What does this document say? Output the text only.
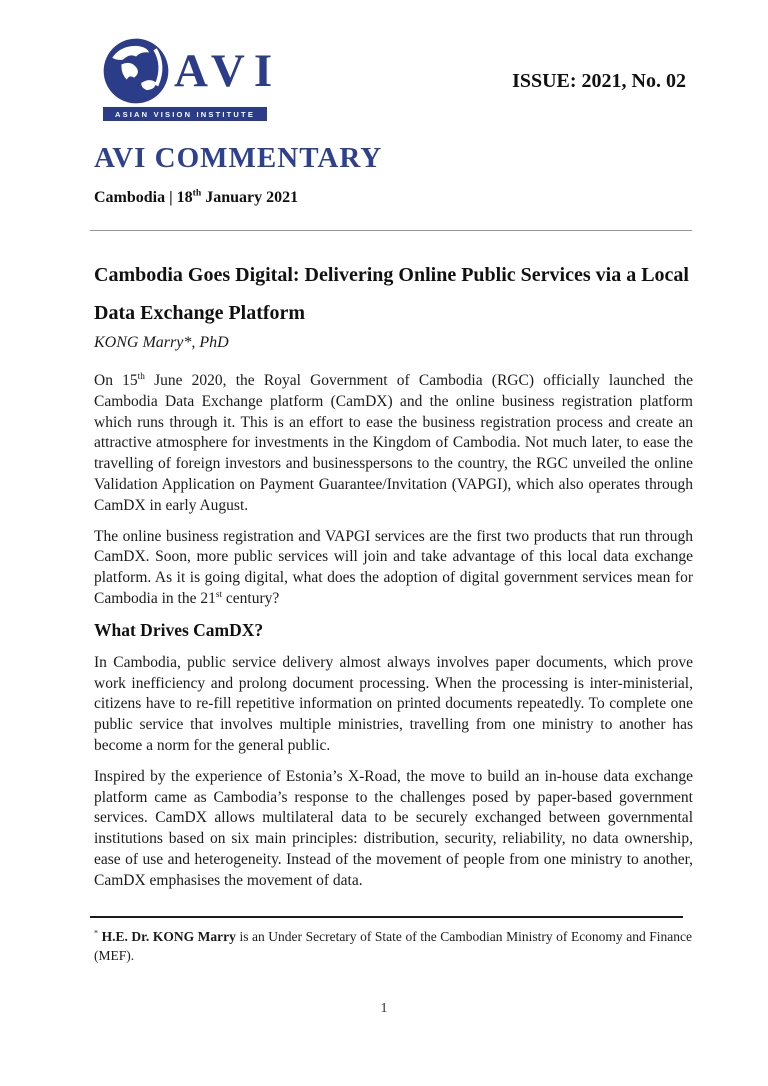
AVI
ASIAN VISION INSTITUTE
ISSUE: 2021, No. 02
AVI COMMENTARY
Cambodia | 18th January 2021
Cambodia Goes Digital: Delivering Online Public Services via a Local Data Exchange Platform
KONG Marry*, PhD

On 15th June 2020, the Royal Government of Cambodia (RGC) officially launched the Cambodia Data Exchange platform (CamDX) and the online business registration platform which runs through it. This is an effort to ease the business registration process and create an attractive atmosphere for investments in the Kingdom of Cambodia. Not much later, to ease the travelling of foreign investors and businesspersons to the country, the RGC unveiled the online Validation Application on Payment Guarantee/Invitation (VAPGI), which also operates through CamDX in early August.

The online business registration and VAPGI services are the first two products that run through CamDX. Soon, more public services will join and take advantage of this local data exchange platform. As it is going digital, what does the adoption of digital government services mean for Cambodia in the 21st century?

What Drives CamDX?

In Cambodia, public service delivery almost always involves paper documents, which prove work inefficiency and prolong document processing. When the processing is inter-ministerial, citizens have to re-fill repetitive information on printed documents repeatedly. To complete one public service that involves multiple ministries, travelling from one ministry to another has become a norm for the general public.

Inspired by the experience of Estonia’s X-Road, the move to build an in-house data exchange platform came as Cambodia’s response to the challenges posed by paper-based government services. CamDX allows multilateral data to be securely exchanged between governmental institutions based on six main principles: distribution, security, reliability, no data ownership, ease of use and heterogeneity. Instead of the movement of people from one ministry to another, CamDX emphasises the movement of data.

* H.E. Dr. KONG Marry is an Under Secretary of State of the Cambodian Ministry of Economy and Finance (MEF).
1
